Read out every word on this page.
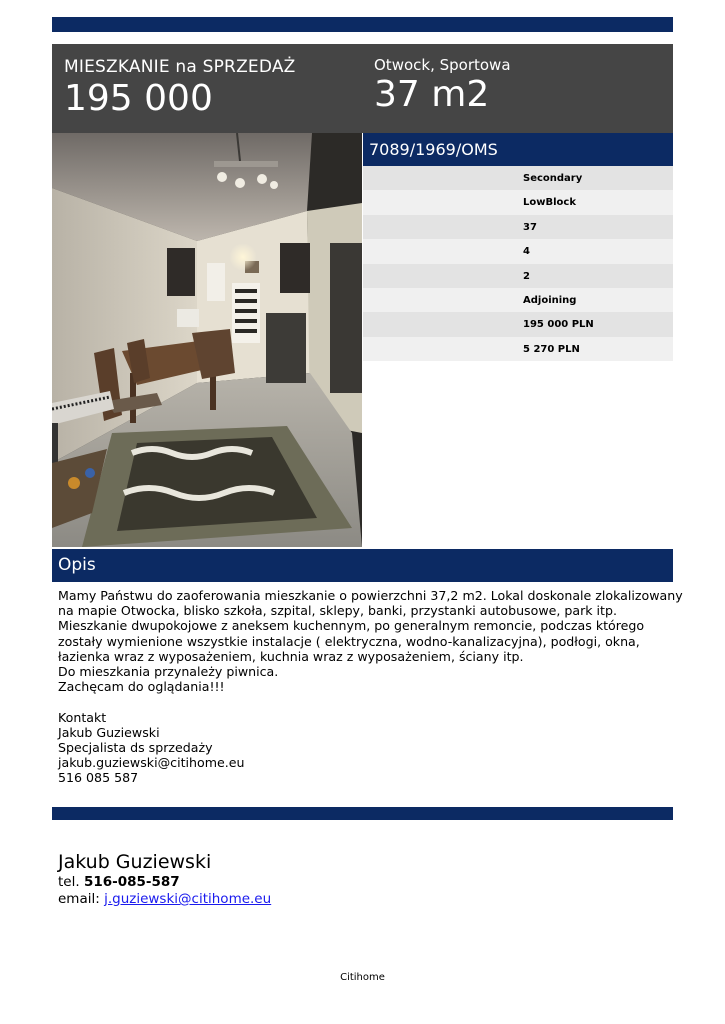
MIESZKANIE na SPRZEDAŻ
195 000
Otwock, Sportowa
37 m2
7089/1969/OMS
Secondary
LowBlock
37
4
2
Adjoining
195 000 PLN
5 270 PLN
Opis
Mamy Państwu do zaoferowania mieszkanie o powierzchni 37,2 m2. Lokal doskonale zlokalizowany
na mapie Otwocka, blisko szkoła, szpital, sklepy, banki, przystanki autobusowe, park itp.
Mieszkanie dwupokojowe z aneksem kuchennym, po generalnym remoncie, podczas którego
zostały wymienione wszystkie instalacje ( elektryczna, wodno-kanalizacyjna), podłogi, okna,
łazienka wraz z wyposażeniem, kuchnia wraz z wyposażeniem, ściany itp.
Do mieszkania przynależy piwnica.
Zachęcam do oglądania!!!
Kontakt
Jakub Guziewski
Specjalista ds sprzedaży
jakub.guziewski@citihome.eu
516 085 587
Jakub Guziewski
tel. 516-085-587
email: j.guziewski@citihome.eu
Citihome
